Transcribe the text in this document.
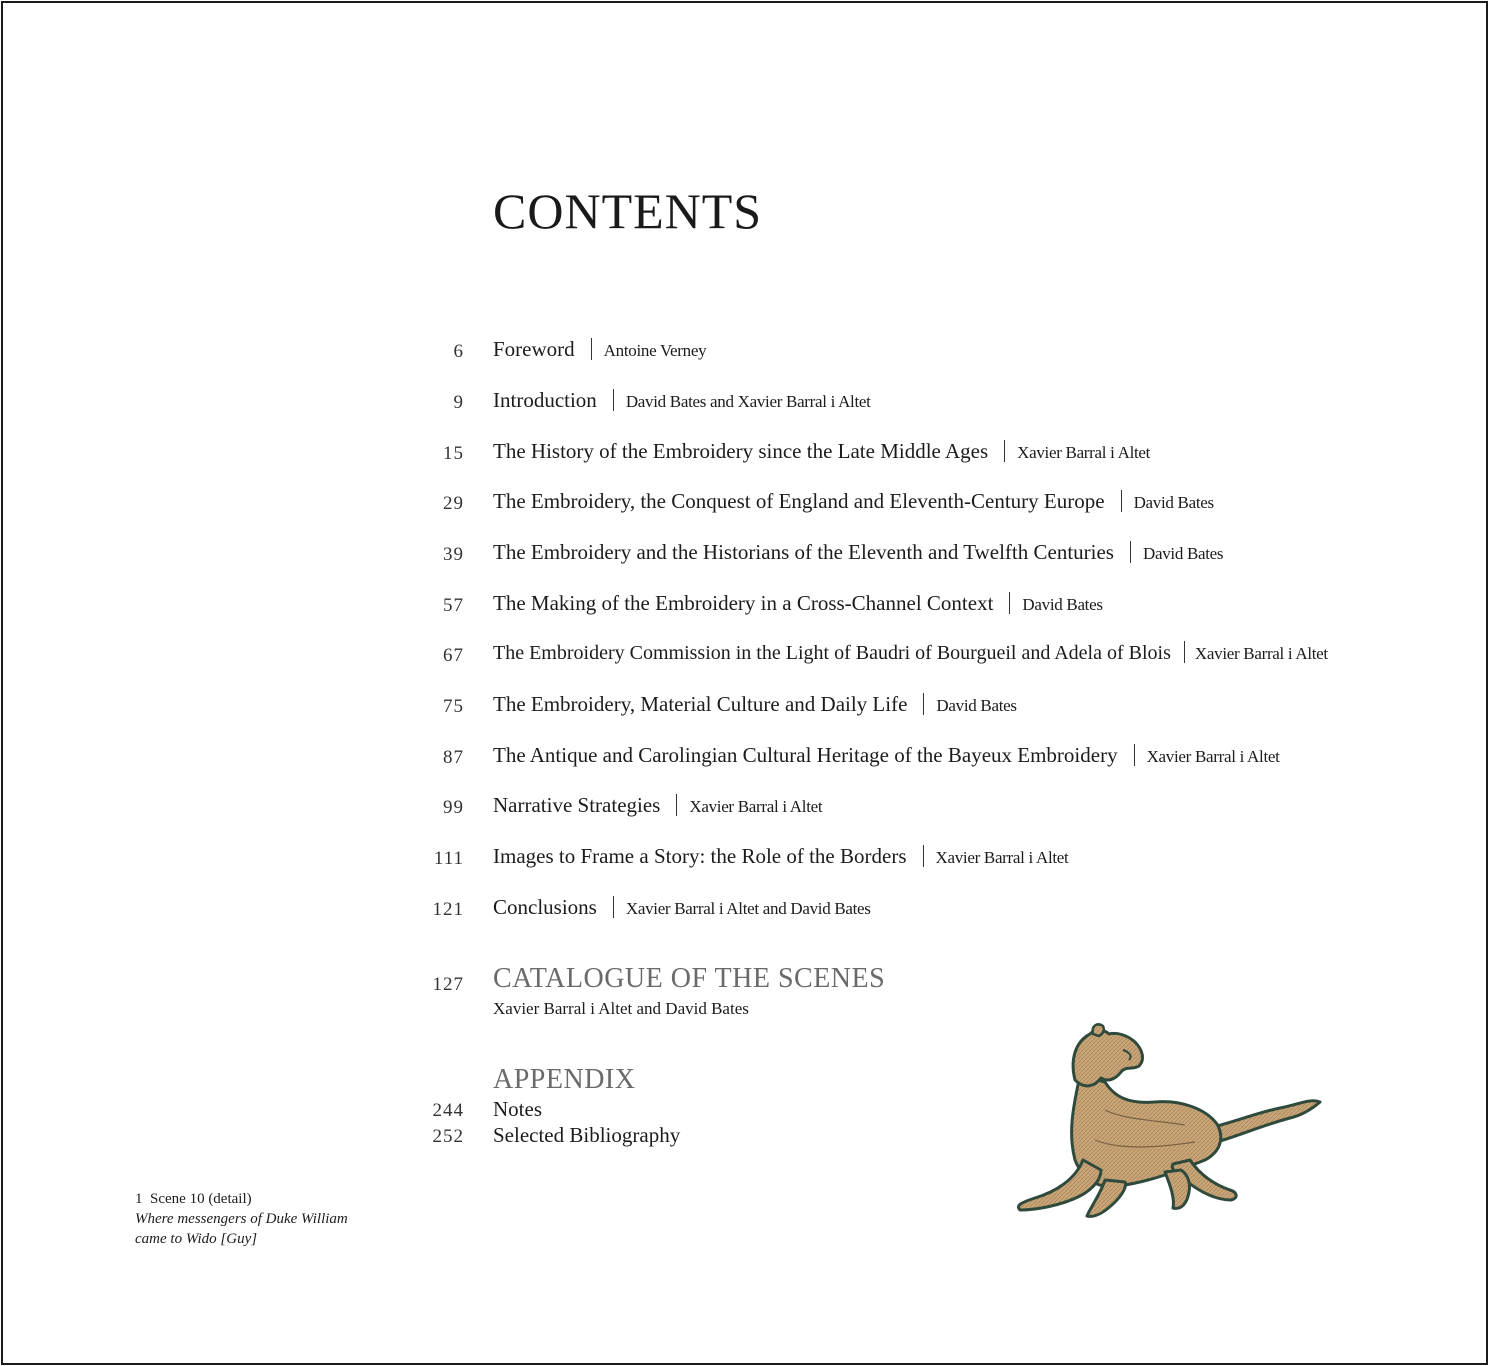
CONTENTS
6 Foreword Antoine Verney
9 Introduction David Bates and Xavier Barral i Altet
15 The History of the Embroidery since the Late Middle Ages Xavier Barral i Altet
29 The Embroidery, the Conquest of England and Eleventh-Century Europe David Bates
39 The Embroidery and the Historians of the Eleventh and Twelfth Centuries David Bates
57 The Making of the Embroidery in a Cross-Channel Context David Bates
67 The Embroidery Commission in the Light of Baudri of Bourgueil and Adela of Blois Xavier Barral i Altet
75 The Embroidery, Material Culture and Daily Life David Bates
87 The Antique and Carolingian Cultural Heritage of the Bayeux Embroidery Xavier Barral i Altet
99 Narrative Strategies Xavier Barral i Altet
111 Images to Frame a Story: the Role of the Borders Xavier Barral i Altet
121 Conclusions Xavier Barral i Altet and David Bates
127 CATALOGUE OF THE SCENES
Xavier Barral i Altet and David Bates
APPENDIX
244 Notes
252 Selected Bibliography
1  Scene 10 (detail)
Where messengers of Duke William
came to Wido [Guy]
